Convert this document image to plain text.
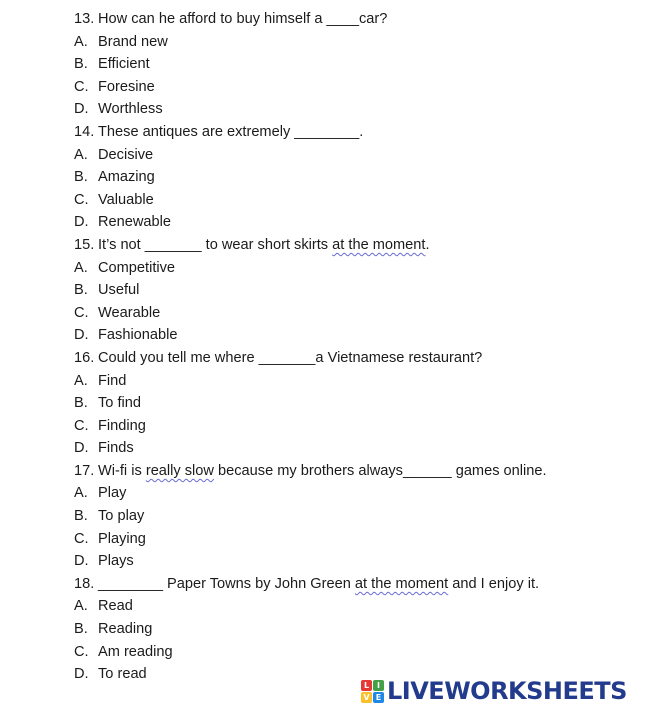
13. How can he afford to buy himself a ____car?
A. Brand new
B. Efficient
C. Foresine
D. Worthless
14. These antiques are extremely ________.
A. Decisive
B. Amazing
C. Valuable
D. Renewable
15. It’s not _______ to wear short skirts at the moment.
A. Competitive
B. Useful
C. Wearable
D. Fashionable
16. Could you tell me where _______a Vietnamese restaurant?
A. Find
B. To find
C. Finding
D. Finds
17. Wi-fi is really slow because my brothers always______ games online.
A. Play
B. To play
C. Playing
D. Plays
18. ________ Paper Towns by John Green at the moment and I enjoy it.
A. Read
B. Reading
C. Am reading
D. To read
L I
V E LIVEWORKSHEETS
